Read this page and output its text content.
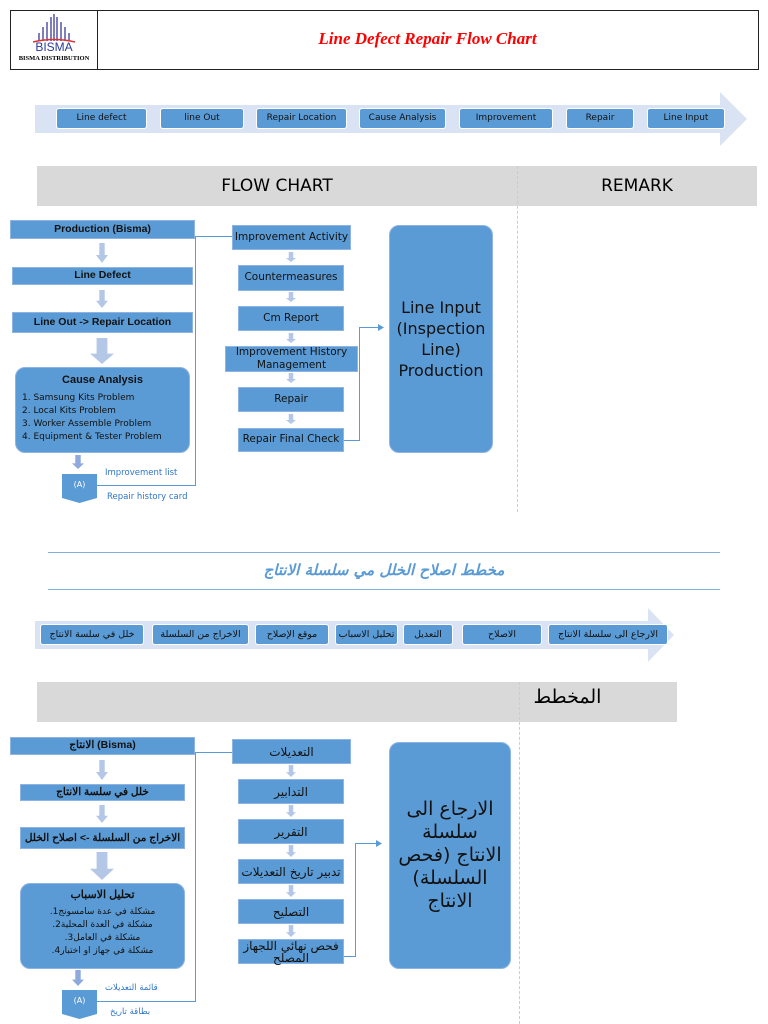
BISMA
BISMA DISTRIBUTION
Line Defect Repair Flow Chart
FLOW CHART	REMARK
Production (Bisma)
Line Defect
Line Out -> Repair Location
Cause Analysis
1. Samsung Kits Problem
2. Local Kits Problem
3. Worker Assemble Problem
4. Equipment & Tester Problem
(A)
Improvement list
Repair history card
Line Input (Inspection Line) Production
مخطط اصلاح الخلل مي سلسلة الانتاج
المخطط
الانتاج (Bisma)
خلل في سلسة الانتاج
الاخراج من السلسلة -> اصلاح الخلل
تحليل الاسباب
مشكلة في عدة سامسونج1.
مشكلة في العدة المحلية2.
مشكلة في العامل3.
مشكلة في جهاز او اختبار4.
(A)
قائمة التعديلات
بطاقة تاريخ
الارجاع الى سلسلة الانتاج (فحص السلسلة) الانتاج
Line defect	line Out	Repair Location	Cause Analysis	Improvement	Repair	Line Input
خلل في سلسة الانتاج	الاخراج من السلسلة	موقع الإصلاح	تحليل الاسباب	التعديل	الاصلاح	الارجاع الى سلسلة الانتاج
Improvement Activity
Countermeasures
Cm Report
Improvement History Management
Repair
Repair Final Check
التعديلات
التدابير
التقرير
تدبير تاريخ التعديلات
التصليح
فحص نهائي اللجهاز المصلح
